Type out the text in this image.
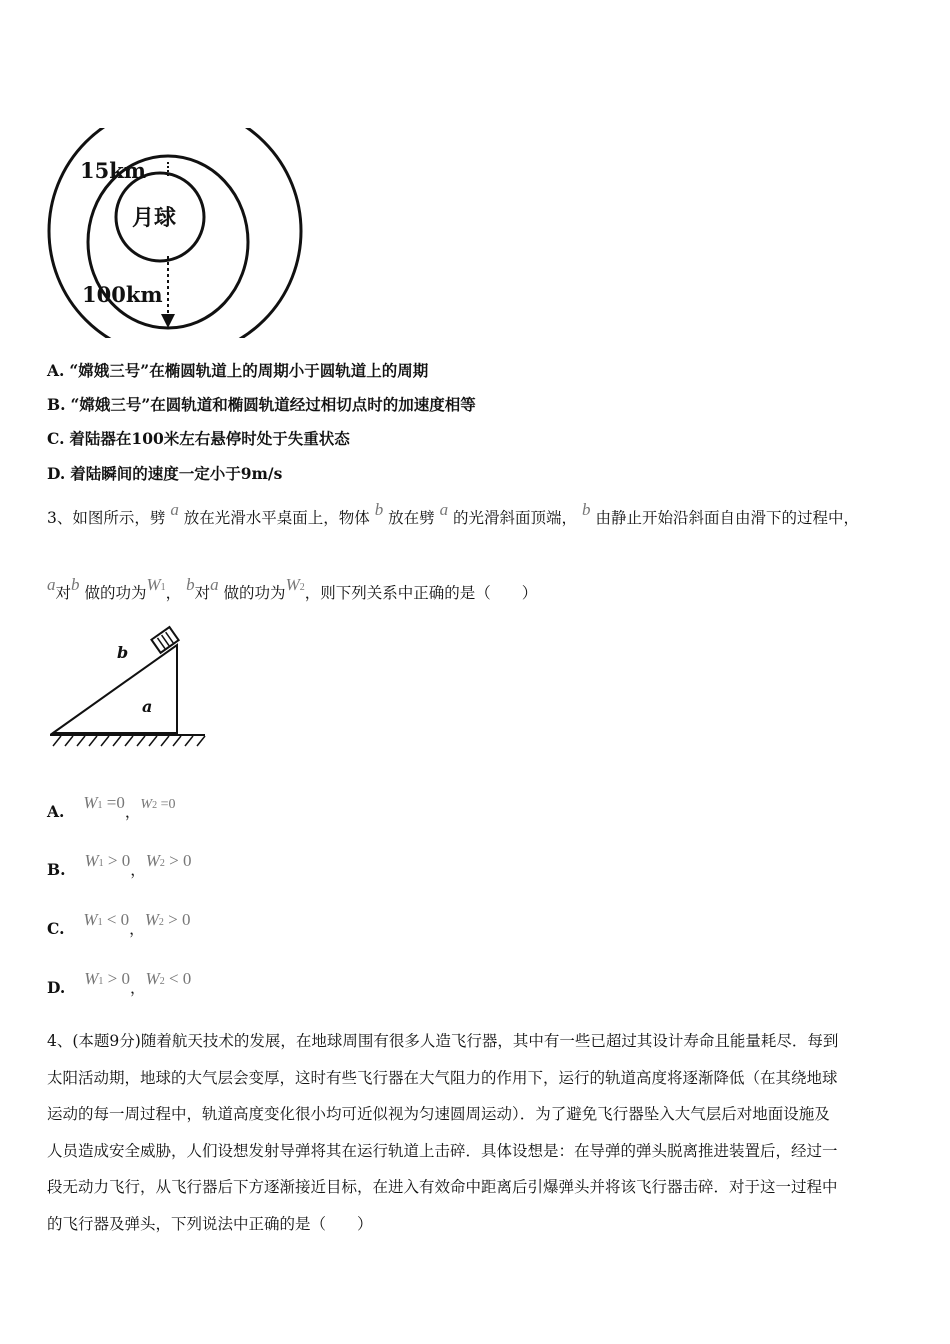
15km
100km
月球
A. “嫦娥三号”在椭圆轨道上的周期小于圆轨道上的周期
B. “嫦娥三号”在圆轨道和椭圆轨道经过相切点时的加速度相等
C. 着陆器在100米左右悬停时处于失重状态
D. 着陆瞬间的速度一定小于9m/s
3、如图所示，劈 a 放在光滑水平桌面上，物体 b 放在劈 a 的光滑斜面顶端， b 由静止开始沿斜面自由滑下的过程中，
a对b 做的功为W1， b对a 做的功为W2，则下列关系中正确的是（　　）
b
a
A. W1 =0，W2 =0
B. W1 > 0，W2 > 0
C. W1 < 0，W2 > 0
D. W1 > 0，W2 < 0
4、(本题9分)随着航天技术的发展，在地球周围有很多人造飞行器，其中有一些已超过其设计寿命且能量耗尽．每到
太阳活动期，地球的大气层会变厚，这时有些飞行器在大气阻力的作用下，运行的轨道高度将逐渐降低（在其绕地球
运动的每一周过程中，轨道高度变化很小均可近似视为匀速圆周运动）．为了避免飞行器坠入大气层后对地面设施及
人员造成安全威胁，人们设想发射导弹将其在运行轨道上击碎．具体设想是：在导弹的弹头脱离推进装置后，经过一
段无动力飞行，从飞行器后下方逐渐接近目标，在进入有效命中距离后引爆弹头并将该飞行器击碎．对于这一过程中
的飞行器及弹头，下列说法中正确的是（　　）
